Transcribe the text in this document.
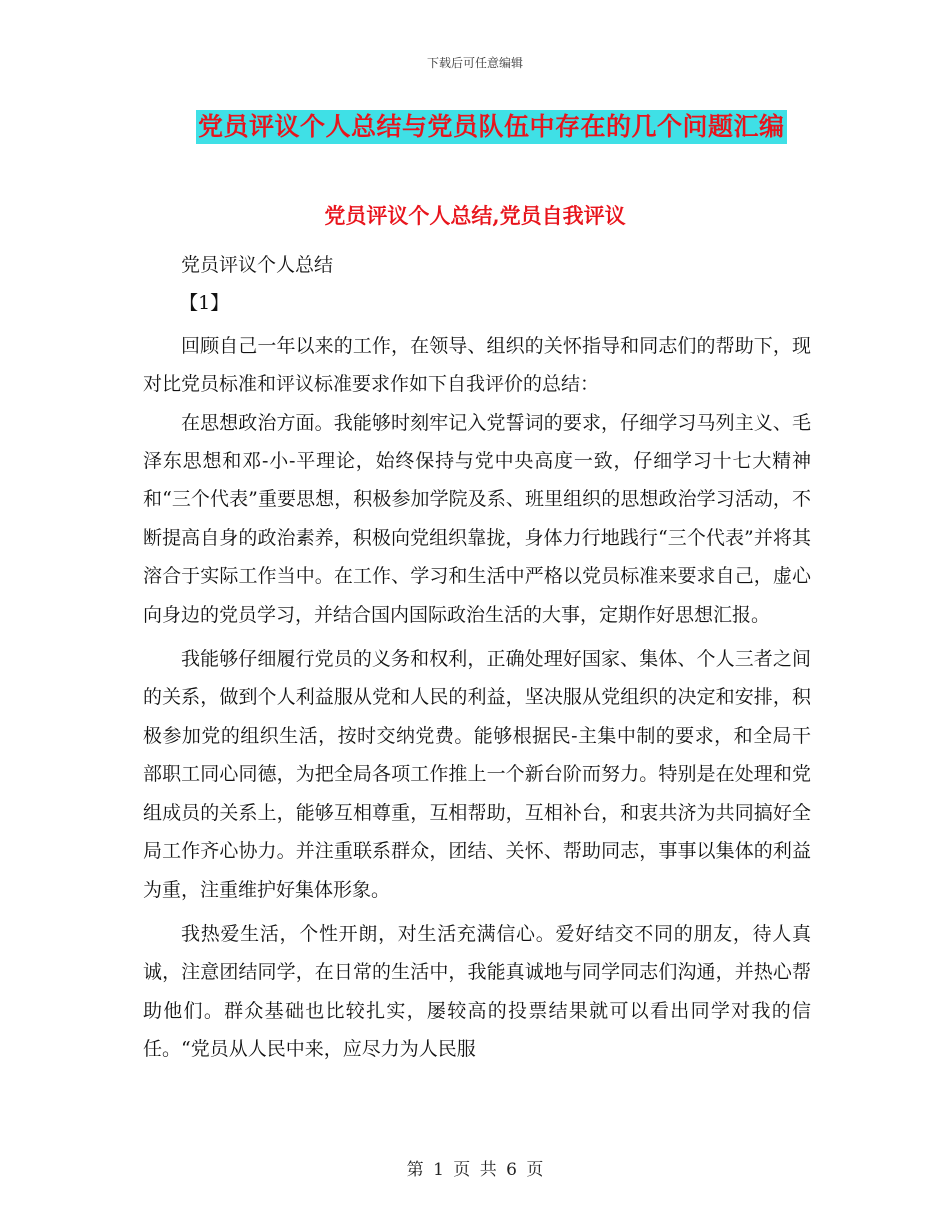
下载后可任意编辑
党员评议个人总结与党员队伍中存在的几个问题汇编
党员评议个人总结,党员自我评议

党员评议个人总结

【1】

回顾自己一年以来的工作，在领导、组织的关怀指导和同志们的帮助下，现对比党员标准和评议标准要求作如下自我评价的总结：

在思想政治方面。我能够时刻牢记入党誓词的要求，仔细学习马列主义、毛泽东思想和邓-小-平理论，始终保持与党中央高度一致，仔细学习十七大精神和“三个代表”重要思想，积极参加学院及系、班里组织的思想政治学习活动，不断提高自身的政治素养，积极向党组织靠拢，身体力行地践行“三个代表”并将其溶合于实际工作当中。在工作、学习和生活中严格以党员标准来要求自己，虚心向身边的党员学习，并结合国内国际政治生活的大事，定期作好思想汇报。

我能够仔细履行党员的义务和权利，正确处理好国家、集体、个人三者之间的关系，做到个人利益服从党和人民的利益，坚决服从党组织的决定和安排，积极参加党的组织生活，按时交纳党费。能够根据民-主集中制的要求，和全局干部职工同心同德，为把全局各项工作推上一个新台阶而努力。特别是在处理和党组成员的关系上，能够互相尊重，互相帮助，互相补台，和衷共济为共同搞好全局工作齐心协力。并注重联系群众，团结、关怀、帮助同志，事事以集体的利益为重，注重维护好集体形象。

我热爱生活，个性开朗，对生活充满信心。爱好结交不同的朋友，待人真诚，注意团结同学，在日常的生活中，我能真诚地与同学同志们沟通，并热心帮助他们。群众基础也比较扎实，屡较高的投票结果就可以看出同学对我的信任。“党员从人民中来，应尽力为人民服

第 1 页 共 6 页
